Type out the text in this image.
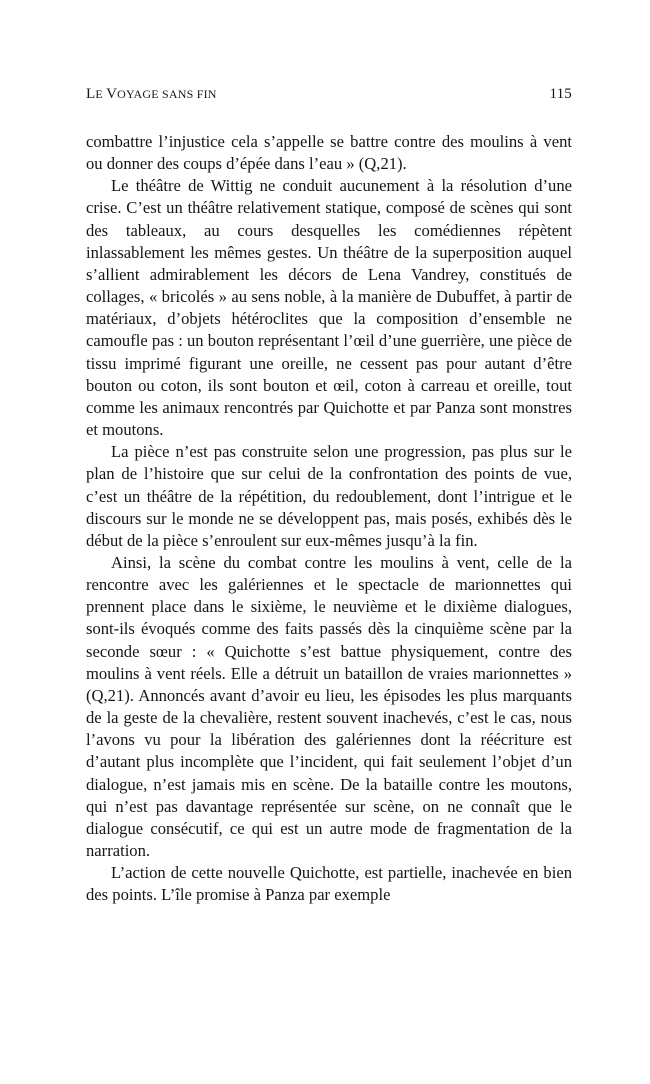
LE VOYAGE SANS FIN	115

combattre l’injustice cela s’appelle se battre contre des moulins à vent ou donner des coups d’épée dans l’eau » (Q,21).

Le théâtre de Wittig ne conduit aucunement à la résolution d’une crise. C’est un théâtre relativement statique, composé de scènes qui sont des tableaux, au cours desquelles les comédiennes répètent inlassablement les mêmes gestes. Un théâtre de la superposition auquel s’allient admirablement les décors de Lena Vandrey, constitués de collages, « bricolés » au sens noble, à la manière de Dubuffet, à partir de matériaux, d’objets hétéroclites que la composition d’ensemble ne camoufle pas : un bouton représentant l’œil d’une guerrière, une pièce de tissu imprimé figurant une oreille, ne cessent pas pour autant d’être bouton ou coton, ils sont bouton et œil, coton à carreau et oreille, tout comme les animaux rencontrés par Quichotte et par Panza sont monstres et moutons.

La pièce n’est pas construite selon une progression, pas plus sur le plan de l’histoire que sur celui de la confrontation des points de vue, c’est un théâtre de la répétition, du redoublement, dont l’intrigue et le discours sur le monde ne se développent pas, mais posés, exhibés dès le début de la pièce s’enroulent sur eux-mêmes jusqu’à la fin.

Ainsi, la scène du combat contre les moulins à vent, celle de la rencontre avec les galériennes et le spectacle de marionnettes qui prennent place dans le sixième, le neuvième et le dixième dialogues, sont-ils évoqués comme des faits passés dès la cinquième scène par la seconde sœur : « Quichotte s’est battue physiquement, contre des moulins à vent réels. Elle a détruit un bataillon de vraies marionnettes » (Q,21). Annoncés avant d’avoir eu lieu, les épisodes les plus marquants de la geste de la chevalière, restent souvent inachevés, c’est le cas, nous l’avons vu pour la libération des galériennes dont la réécriture est d’autant plus incomplète que l’incident, qui fait seulement l’objet d’un dialogue, n’est jamais mis en scène. De la bataille contre les moutons, qui n’est pas davantage représentée sur scène, on ne connaît que le dialogue consécutif, ce qui est un autre mode de fragmentation de la narration.

L’action de cette nouvelle Quichotte, est partielle, inachevée en bien des points. L’île promise à Panza par exemple
